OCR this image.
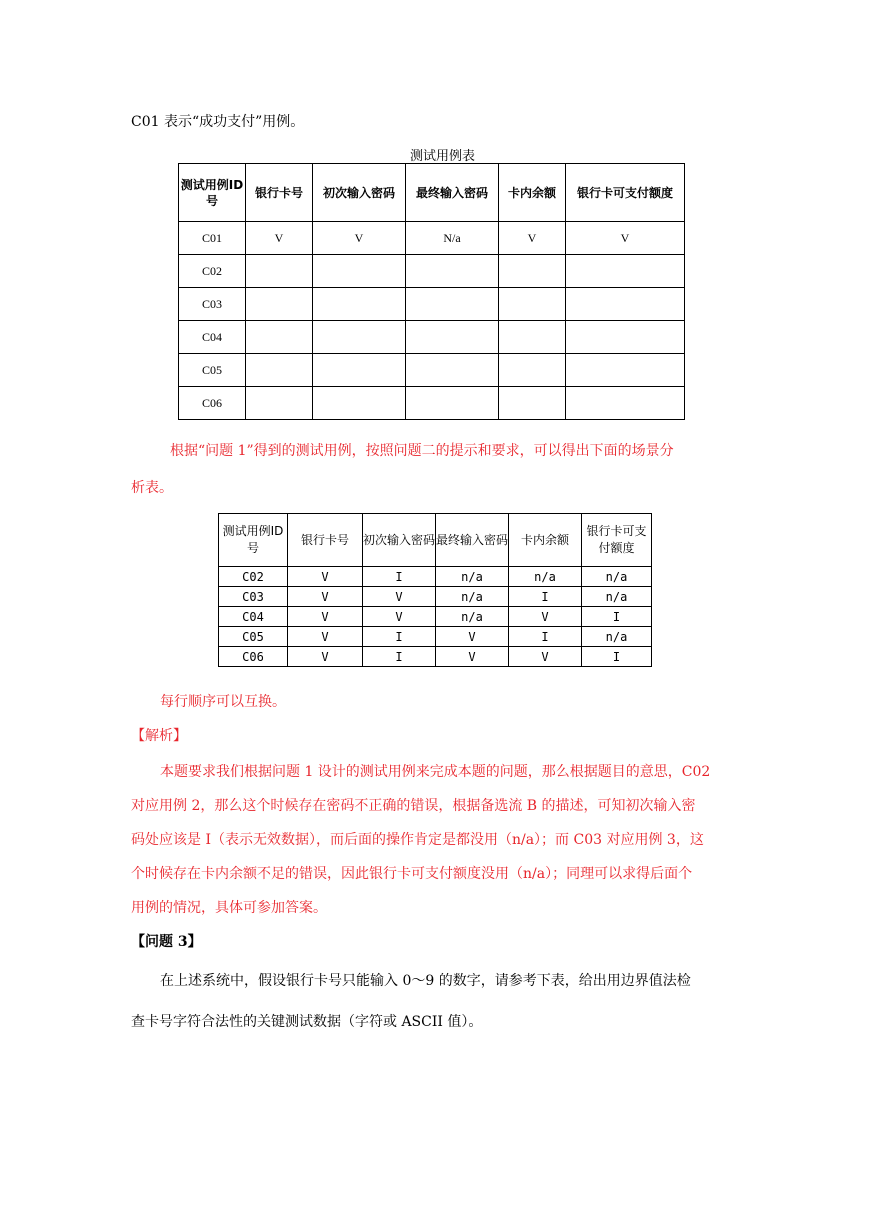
C01 表示“成功支付”用例。
测试用例表
测试用例ID 号	银行卡号	初次输入密码	最终输入密码	卡内余额	银行卡可支付额度
C01	V	V	N/a	V	V
C02					
C03					
C04					
C05					
C06					
根据“问题 1”得到的测试用例，按照问题二的提示和要求，可以得出下面的场景分
析表。
测试用例ID 号	银行卡号	初次输入密码	最终输入密码	卡内余额	银行卡可支付额度
C02	V	I	n/a	n/a	n/a
C03	V	V	n/a	I	n/a
C04	V	V	n/a	V	I
C05	V	I	V	I	n/a
C06	V	I	V	V	I
每行顺序可以互换。
【解析】
本题要求我们根据问题 1 设计的测试用例来完成本题的问题，那么根据题目的意思，C02
对应用例 2，那么这个时候存在密码不正确的错误，根据备选流 B 的描述，可知初次输入密
码处应该是 I（表示无效数据），而后面的操作肯定是都没用（n/a）；而 C03 对应用例 3，这
个时候存在卡内余额不足的错误，因此银行卡可支付额度没用（n/a）；同理可以求得后面个
用例的情况，具体可参加答案。
【问题 3】
在上述系统中，假设银行卡号只能输入 0～9 的数字，请参考下表，给出用边界值法检
查卡号字符合法性的关键测试数据（字符或 ASCII 值）。
